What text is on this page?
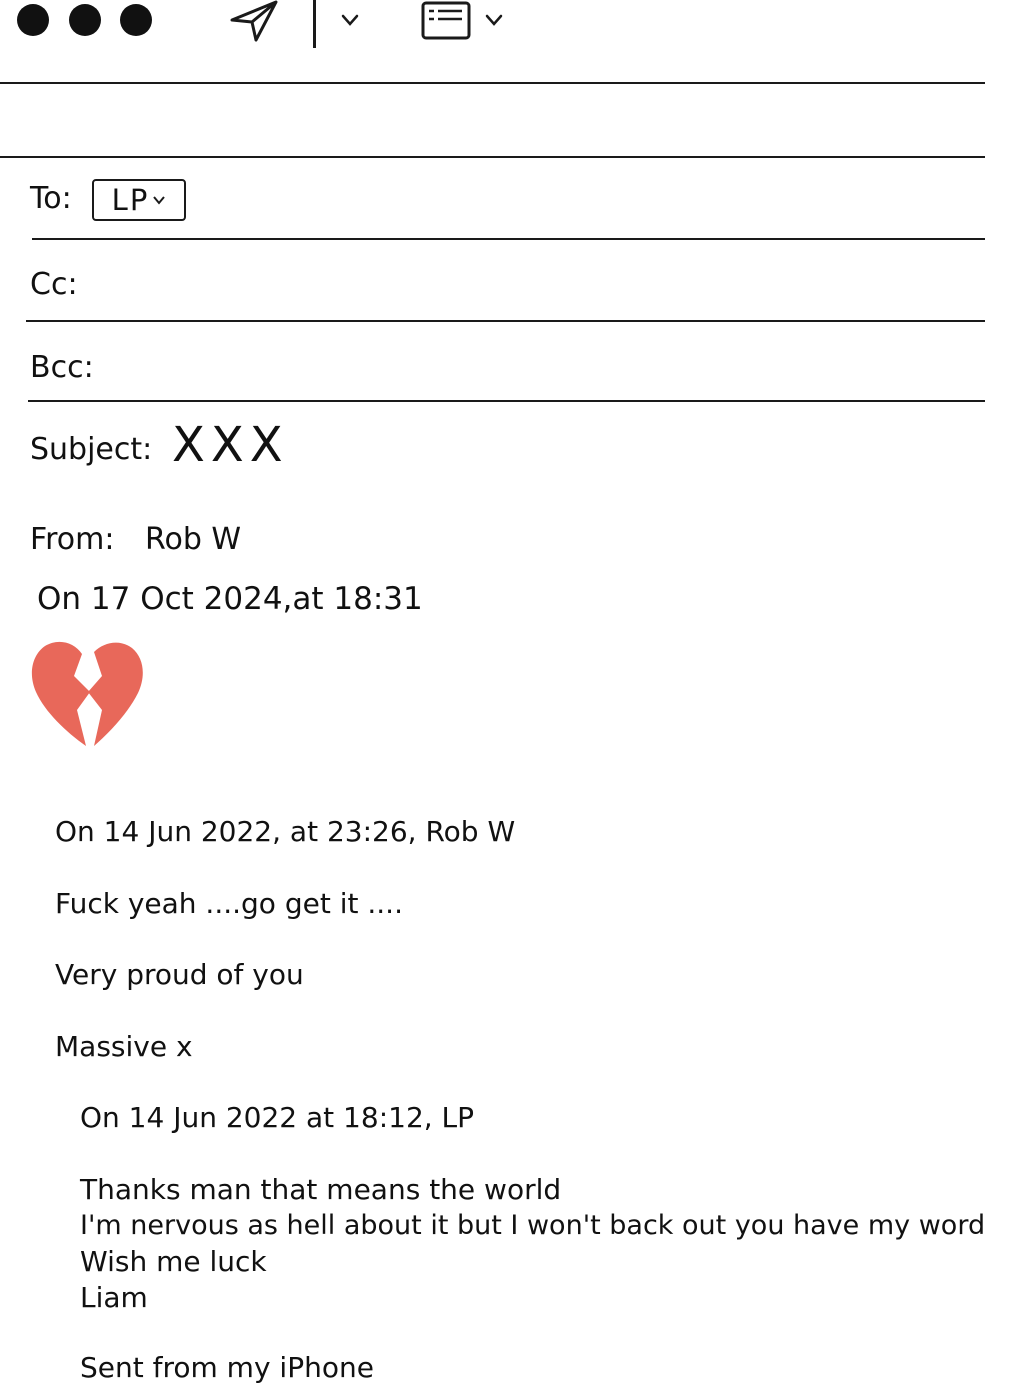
To: LP
Cc:
Bcc:
Subject: XXX
From: Rob W
On 17 Oct 2024,at 18:31
On 14 Jun 2022, at 23:26, Rob W
Fuck yeah ....go get it ....
Very proud of you
Massive x
On 14 Jun 2022 at 18:12, LP
Thanks man that means the world
I'm nervous as hell about it but I won't back out you have my word
Wish me luck
Liam
Sent from my iPhone
